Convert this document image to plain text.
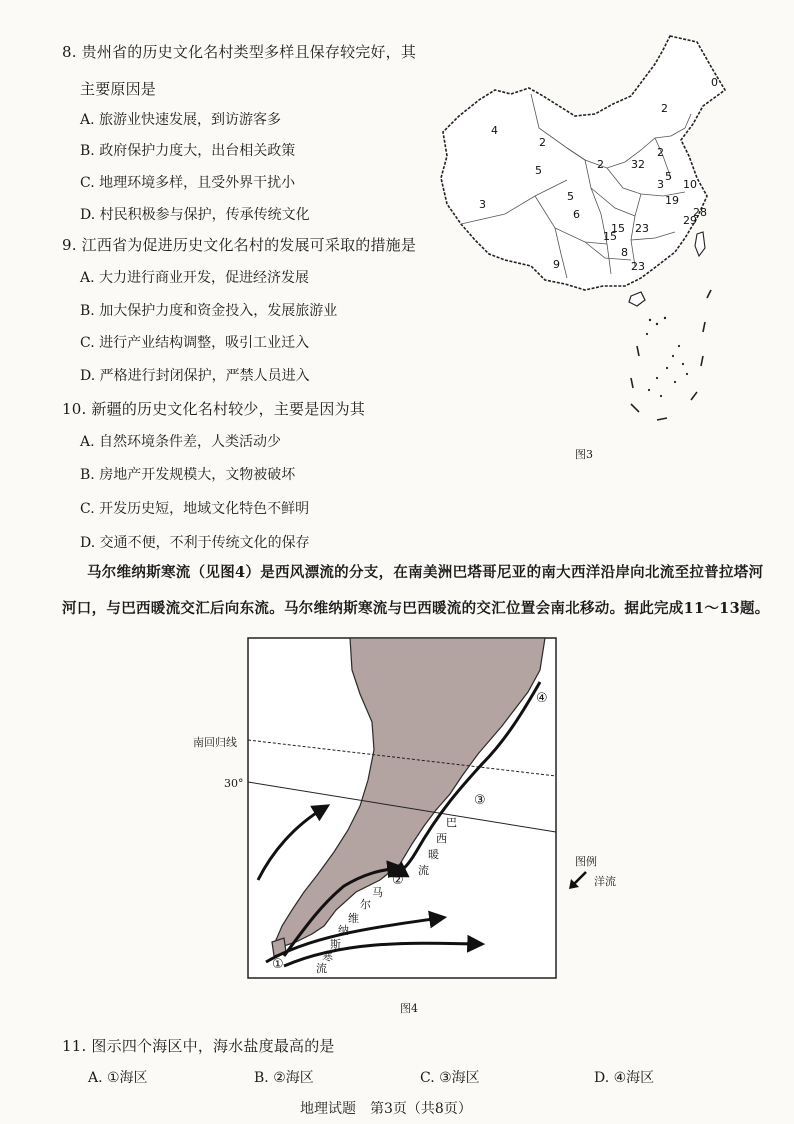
8. 贵州省的历史文化名村类型多样且保存较完好，其
主要原因是
A. 旅游业快速发展，到访游客多
B. 政府保护力度大，出台相关政策
C. 地理环境多样，且受外界干扰小
D. 村民积极参与保护，传承传统文化
9. 江西省为促进历史文化名村的发展可采取的措施是
A. 大力进行商业开发，促进经济发展
B. 加大保护力度和资金投入，发展旅游业
C. 进行产业结构调整，吸引工业迁入
D. 严格进行封闭保护，严禁人员进入
10. 新疆的历史文化名村较少，主要是因为其
A. 自然环境条件差，人类活动少
B. 房地产开发规模大，文物被破坏
C. 开发历史短，地域文化特色不鲜明
D. 交通不便，不利于传统文化的保存
0
4
2
2
32
2
5	2
3
5
10
5
19
28
6
15 23
29
8
15
9	23
3
图3
马尔维纳斯寒流（见图4）是西风漂流的分支，在南美洲巴塔哥尼亚的南大西洋沿岸向北流至拉普拉塔河
河口，与巴西暖流交汇后向东流。马尔维纳斯寒流与巴西暖流的交汇位置会南北移动。据此完成11～13题。
南回归线
30°
图例
洋流
①
②
③
④
巴
西
暖
流
马
尔
维
纳
斯
寒
流
图4
11. 图示四个海区中，海水盐度最高的是
A. ①海区	B. ②海区	C. ③海区	D. ④海区
地理试题　第3页（共8页）
